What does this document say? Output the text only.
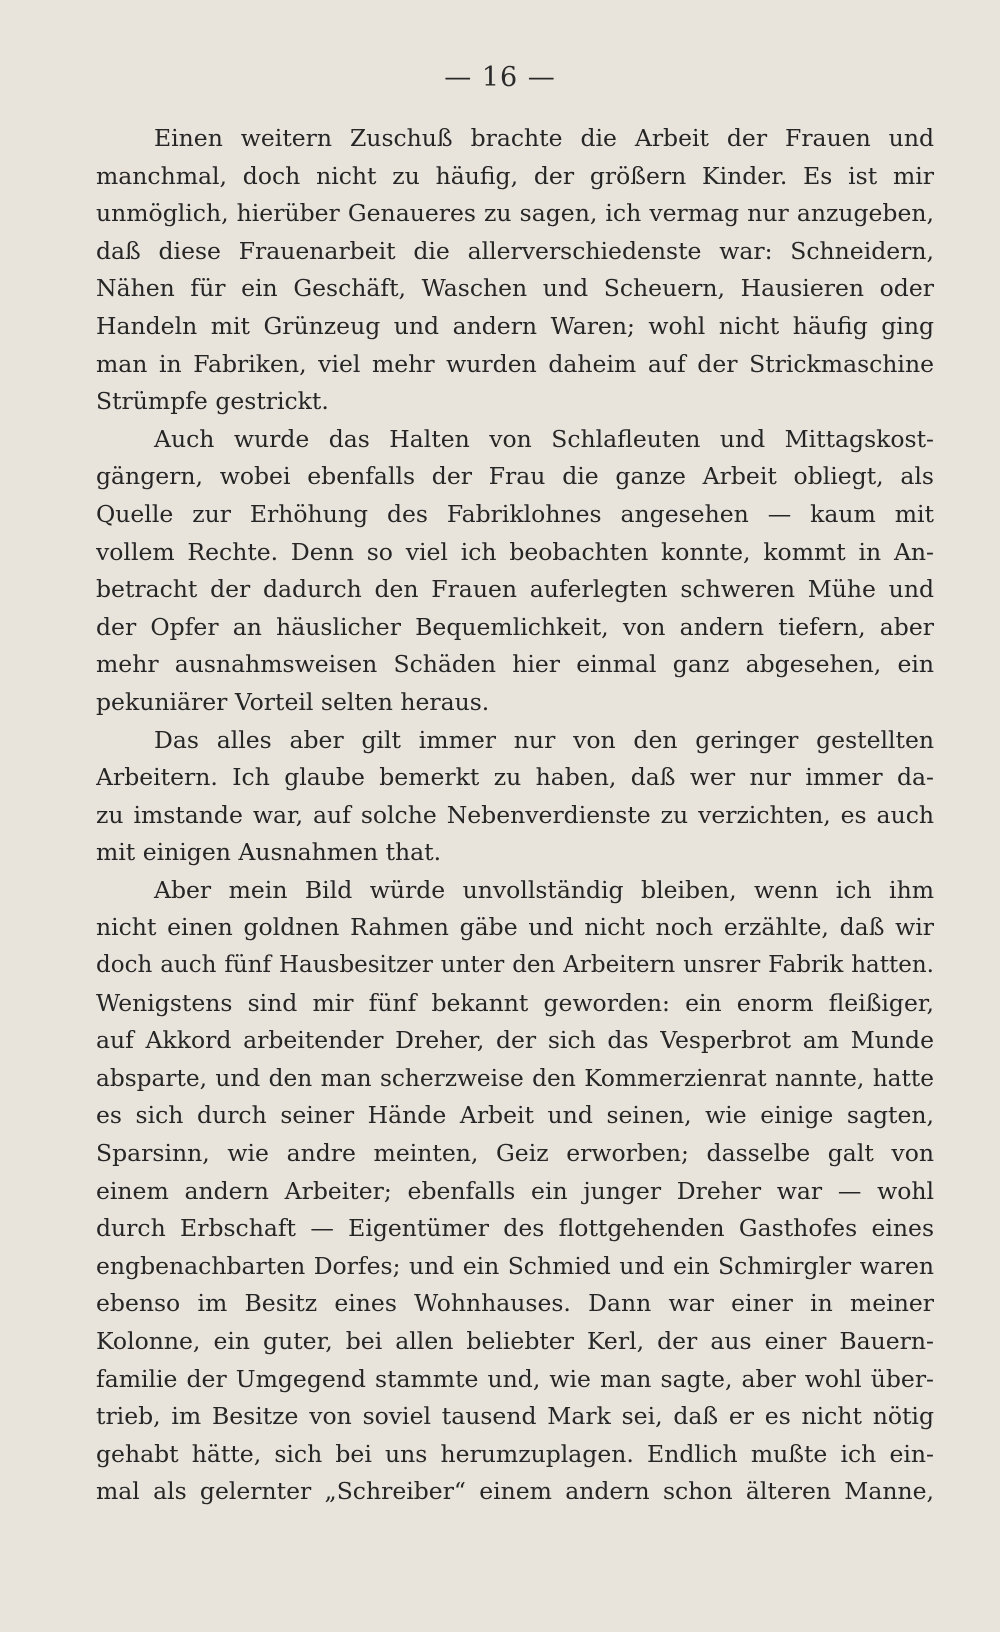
— 16 —
Einen weitern Zuschuß brachte die Arbeit der Frauen und
manchmal, doch nicht zu häufig, der größern Kinder. Es ist mir
unmöglich, hierüber Genaueres zu sagen, ich vermag nur anzugeben,
daß diese Frauenarbeit die allerverschiedenste war: Schneidern,
Nähen für ein Geschäft, Waschen und Scheuern, Hausieren oder
Handeln mit Grünzeug und andern Waren; wohl nicht häufig ging
man in Fabriken, viel mehr wurden daheim auf der Strickmaschine
Strümpfe gestrickt.
Auch wurde das Halten von Schlafleuten und Mittagskost-
gängern, wobei ebenfalls der Frau die ganze Arbeit obliegt, als
Quelle zur Erhöhung des Fabriklohnes angesehen — kaum mit
vollem Rechte. Denn so viel ich beobachten konnte, kommt in An-
betracht der dadurch den Frauen auferlegten schweren Mühe und
der Opfer an häuslicher Bequemlichkeit, von andern tiefern, aber
mehr ausnahmsweisen Schäden hier einmal ganz abgesehen, ein
pekuniärer Vorteil selten heraus.
Das alles aber gilt immer nur von den geringer gestellten
Arbeitern. Ich glaube bemerkt zu haben, daß wer nur immer da-
zu imstande war, auf solche Nebenverdienste zu verzichten, es auch
mit einigen Ausnahmen that.
Aber mein Bild würde unvollständig bleiben, wenn ich ihm
nicht einen goldnen Rahmen gäbe und nicht noch erzählte, daß wir
doch auch fünf Hausbesitzer unter den Arbeitern unsrer Fabrik hatten.
Wenigstens sind mir fünf bekannt geworden: ein enorm fleißiger,
auf Akkord arbeitender Dreher, der sich das Vesperbrot am Munde
absparte, und den man scherzweise den Kommerzienrat nannte, hatte
es sich durch seiner Hände Arbeit und seinen, wie einige sagten,
Sparsinn, wie andre meinten, Geiz erworben; dasselbe galt von
einem andern Arbeiter; ebenfalls ein junger Dreher war — wohl
durch Erbschaft — Eigentümer des flottgehenden Gasthofes eines
engbenachbarten Dorfes; und ein Schmied und ein Schmirgler waren
ebenso im Besitz eines Wohnhauses. Dann war einer in meiner
Kolonne, ein guter, bei allen beliebter Kerl, der aus einer Bauern-
familie der Umgegend stammte und, wie man sagte, aber wohl über-
trieb, im Besitze von soviel tausend Mark sei, daß er es nicht nötig
gehabt hätte, sich bei uns herumzuplagen. Endlich mußte ich ein-
mal als gelernter „Schreiber“ einem andern schon älteren Manne,
